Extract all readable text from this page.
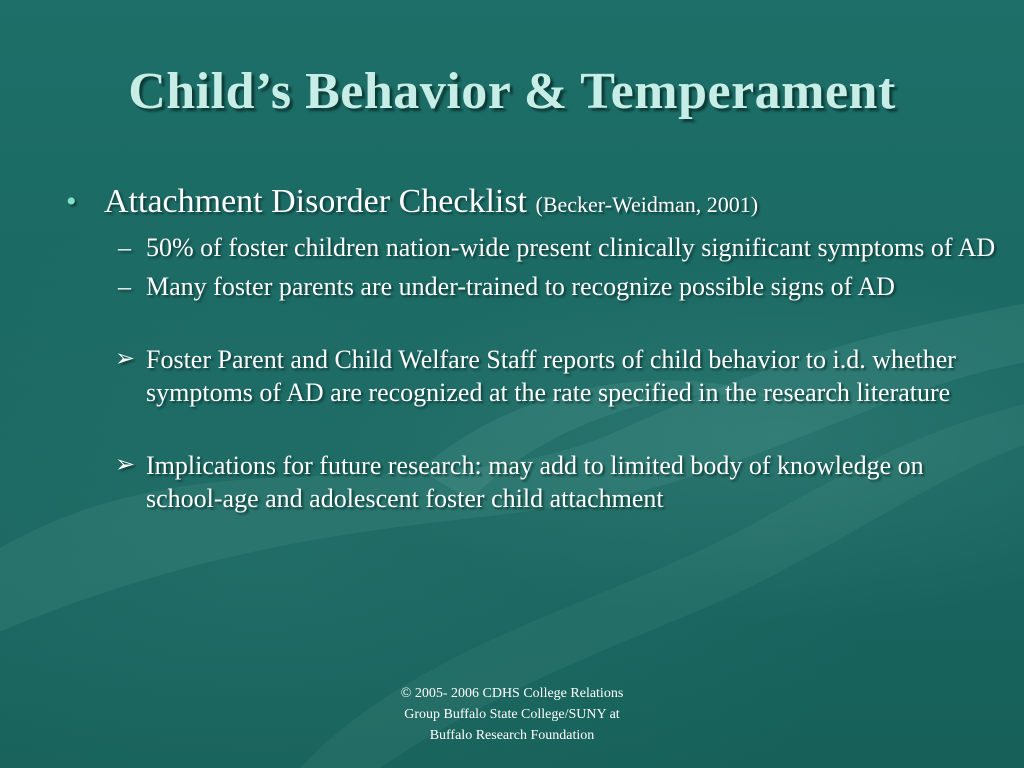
Child’s Behavior & Temperament
• Attachment Disorder Checklist (Becker-Weidman, 2001)
– 50% of foster children nation-wide present clinically significant symptoms of AD
– Many foster parents are under-trained to recognize possible signs of AD
➢ Foster Parent and Child Welfare Staff reports of child behavior to i.d. whether symptoms of AD are recognized at the rate specified in the research literature
➢ Implications for future research: may add to limited body of knowledge on school-age and adolescent foster child attachment
© 2005- 2006 CDHS College Relations
Group Buffalo State College/SUNY at
Buffalo Research Foundation
